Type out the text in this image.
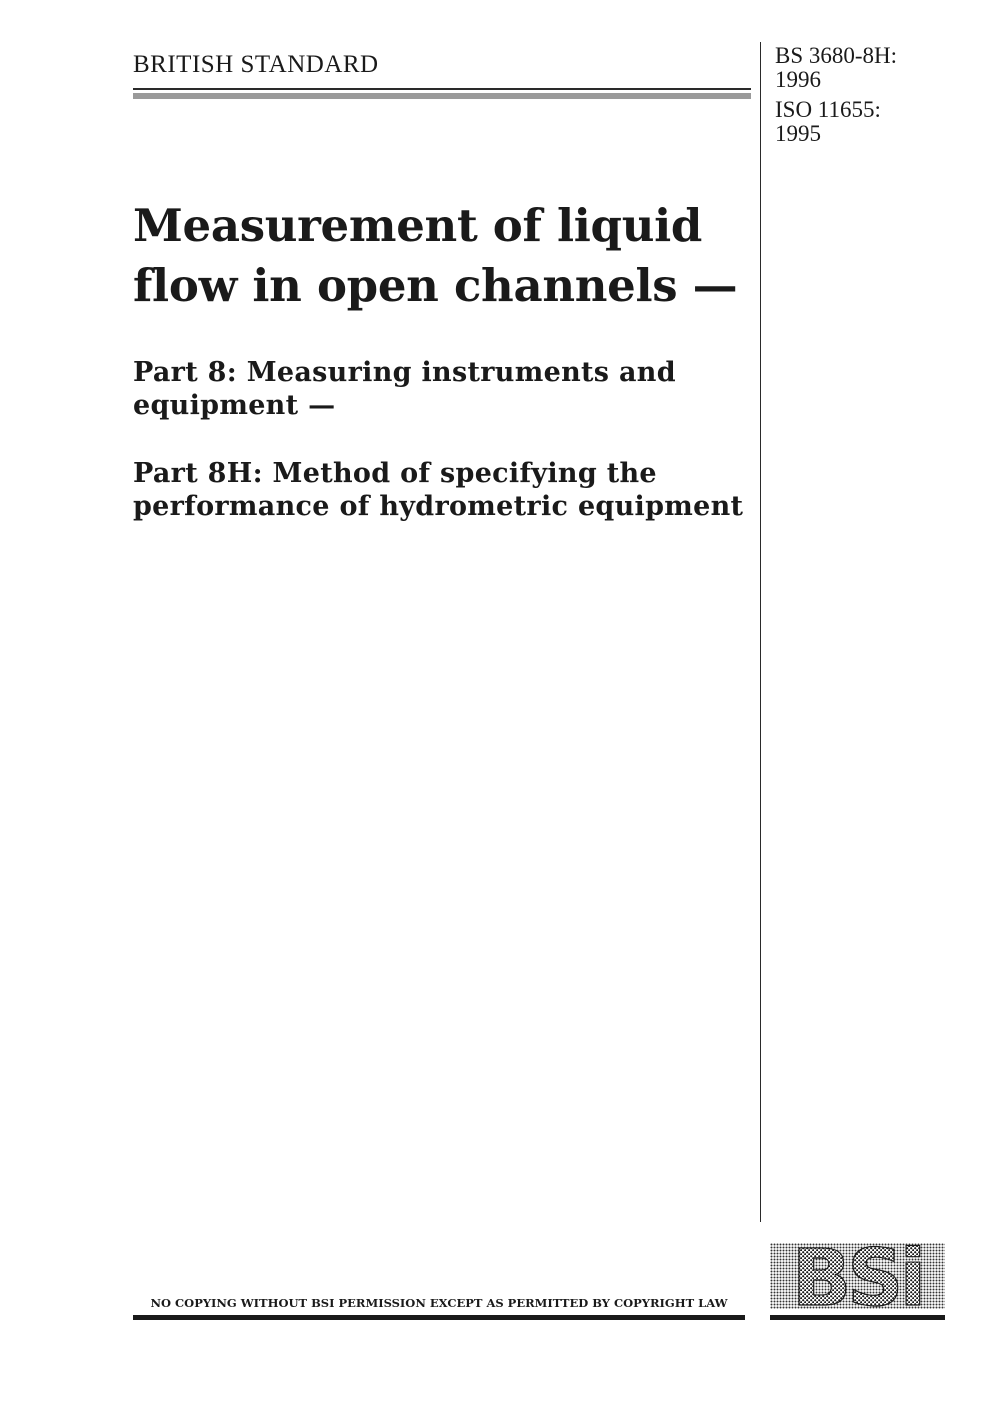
BRITISH STANDARD	BS 3680-8H:
1996
ISO 11655:
1995
Measurement of liquid
flow in open channels —
Part 8: Measuring instruments and
equipment —
Part 8H: Method of specifying the
performance of hydrometric equipment
NO COPYING WITHOUT BSI PERMISSION EXCEPT AS PERMITTED BY COPYRIGHT LAW BSi
